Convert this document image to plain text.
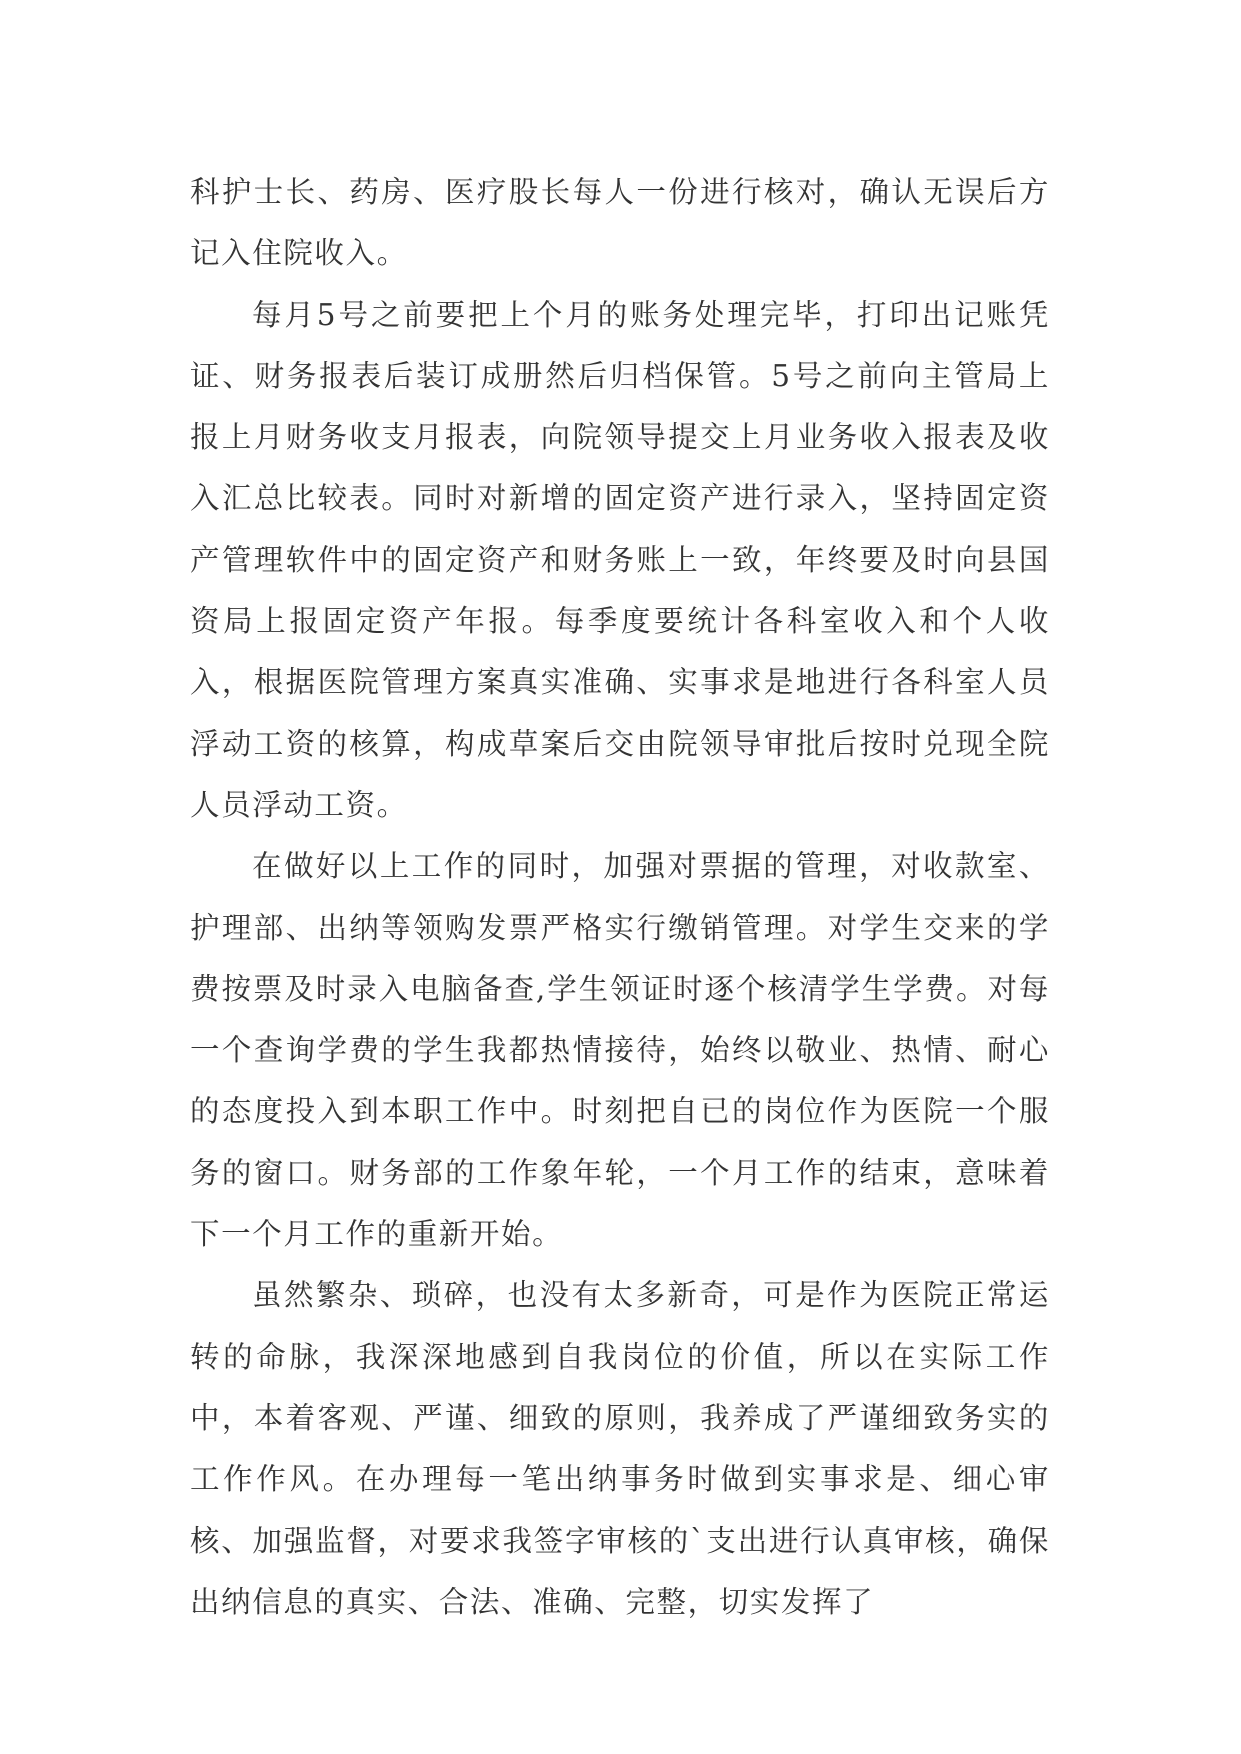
科护士长、药房、医疗股长每人一份进行核对，确认无误后方记入住院收入。

每月5号之前要把上个月的账务处理完毕，打印出记账凭证、财务报表后装订成册然后归档保管。5号之前向主管局上报上月财务收支月报表，向院领导提交上月业务收入报表及收入汇总比较表。同时对新增的固定资产进行录入，坚持固定资产管理软件中的固定资产和财务账上一致，年终要及时向县国资局上报固定资产年报。每季度要统计各科室收入和个人收入，根据医院管理方案真实准确、实事求是地进行各科室人员浮动工资的核算，构成草案后交由院领导审批后按时兑现全院人员浮动工资。

在做好以上工作的同时，加强对票据的管理，对收款室、护理部、出纳等领购发票严格实行缴销管理。对学生交来的学费按票及时录入电脑备查,学生领证时逐个核清学生学费。对每一个查询学费的学生我都热情接待，始终以敬业、热情、耐心的态度投入到本职工作中。时刻把自已的岗位作为医院一个服务的窗口。财务部的工作象年轮，一个月工作的结束，意味着下一个月工作的重新开始。

虽然繁杂、琐碎，也没有太多新奇，可是作为医院正常运转的命脉，我深深地感到自我岗位的价值，所以在实际工作中，本着客观、严谨、细致的原则，我养成了严谨细致务实的工作作风。在办理每一笔出纳事务时做到实事求是、细心审核、加强监督，对要求我签字审核的`支出进行认真审核，确保出纳信息的真实、合法、准确、完整，切实发挥了
